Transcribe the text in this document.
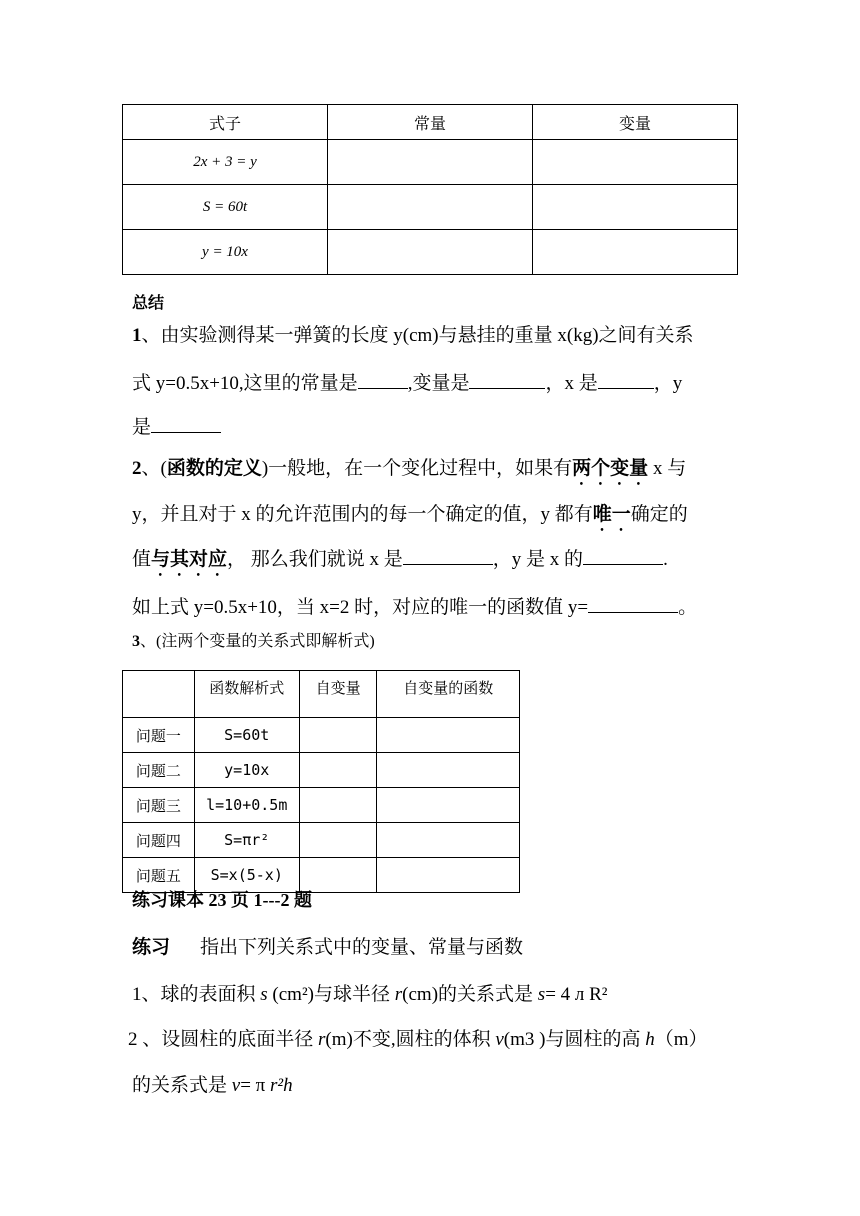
式子	常量	变量
2x + 3 = y		
S = 60t		
y = 10x		
总结
1、由实验测得某一弹簧的长度 y(cm)与悬挂的重量 x(kg)之间有关系
式 y=0.5x+10,这里的常量是	,变量是	，x 是	，y
是
2、(函数的定义)一般地，在一个变化过程中，如果有两个变量 x 与
y，并且对于 x 的允许范围内的每一个确定的值，y 都有唯一确定的
值与其对应， 那么我们就说 x 是	，y 是 x 的	.
如上式 y=0.5x+10，当 x=2 时，对应的唯一的函数值 y=	。
3、(注两个变量的关系式即解析式)
	函数解析式	自变量	自变量的函数
问题一	S=60t		
问题二	y=10x		
问题三	l=10+0.5m		
问题四	S=πr²		
问题五	S=x(5-x)		
练习课本 23 页 1---2 题
练习 指出下列关系式中的变量、常量与函数
1、球的表面积 s (cm²)与球半径 r(cm)的关系式是 s= 4 л R²
2 、设圆柱的底面半径 r(m)不变,圆柱的体积 v(m3 )与圆柱的高 h（m）
的关系式是 v= π r²h
